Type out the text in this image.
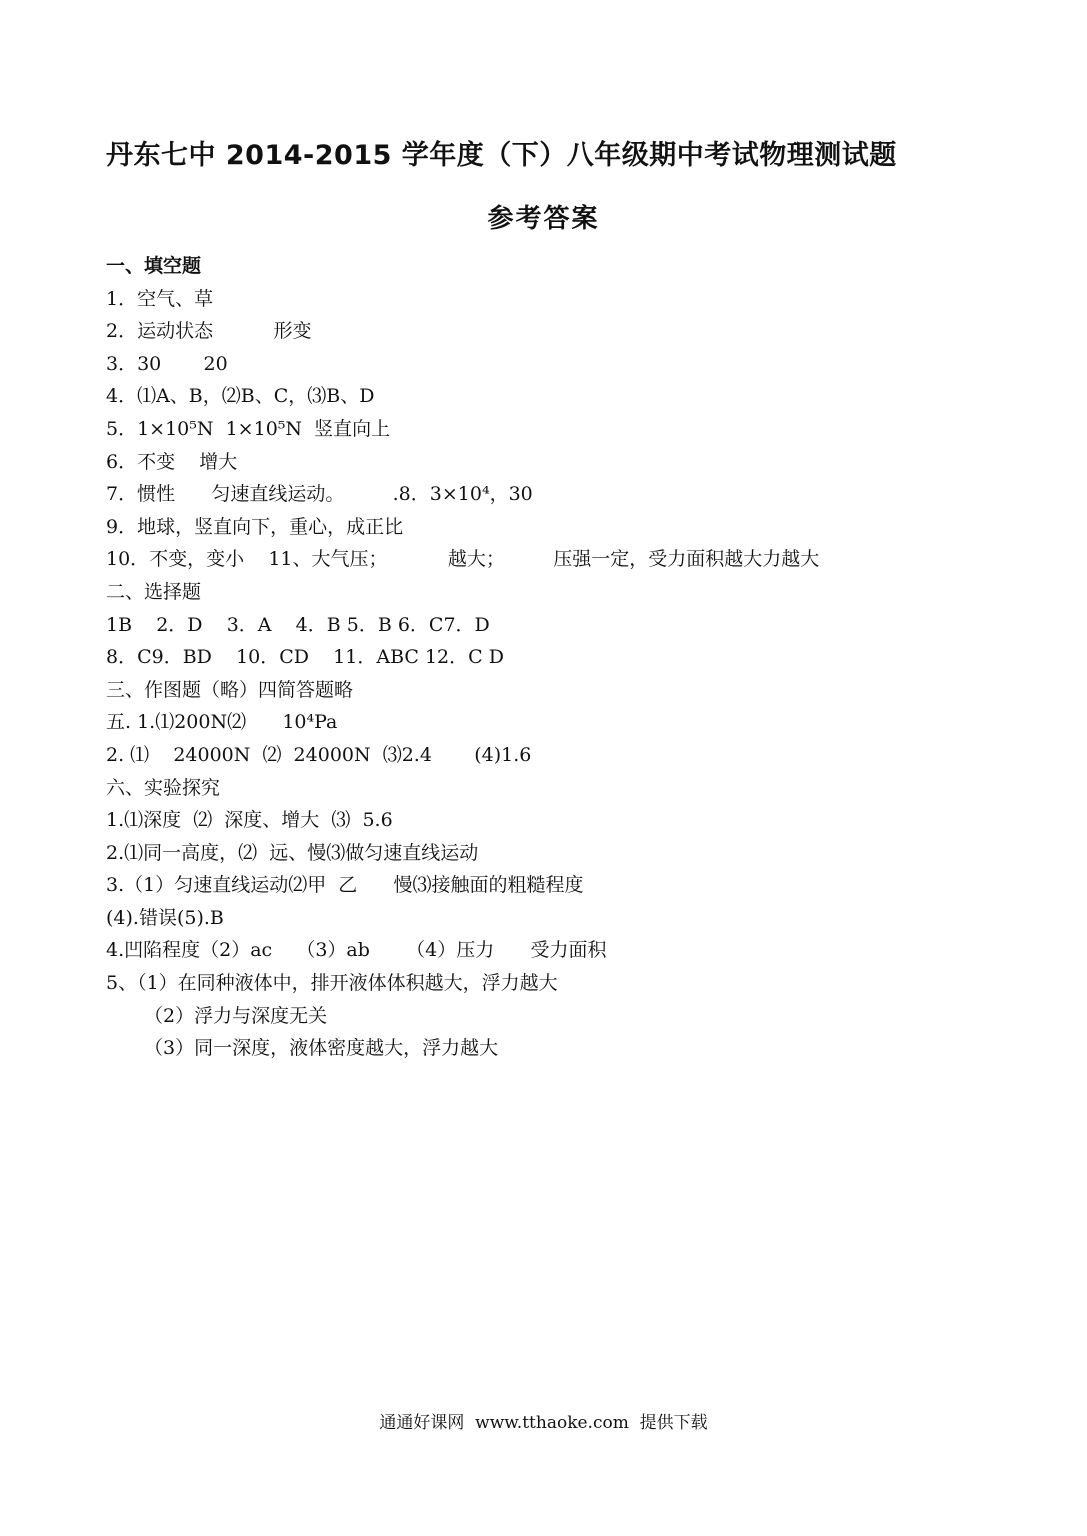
丹东七中 2014-2015 学年度（下）八年级期中考试物理测试题
参考答案
一、填空题
1．空气、草
2．运动状态          形变
3．30       20
4．⑴A、B，⑵B、C，⑶B、D
5．1×10⁵N  1×10⁵N  竖直向上
6．不变    增大
7．惯性      匀速直线运动。        .8．3×10⁴，30
9．地球，竖直向下，重心，成正比
10．不变，变小    11、大气压；          越大；        压强一定，受力面积越大力越大
二、选择题
1B    2．D    3．A    4．B 5．B 6．C7．D
8．C9．BD    10．CD    11．ABC 12．C D
三、作图题（略）四简答题略
五. 1.⑴200N⑵      10⁴Pa
2. ⑴    24000N  ⑵  24000N  ⑶2.4       (4)1.6
六、实验探究
1.⑴深度  ⑵  深度、增大  ⑶  5.6
2.⑴同一高度，⑵  远、慢⑶做匀速直线运动
3.（1）匀速直线运动⑵甲  乙      慢⑶接触面的粗糙程度
(4).错误(5).B
4.凹陷程度（2）ac    （3）ab      （4）压力      受力面积
5、（1）在同种液体中，排开液体体积越大，浮力越大
（2）浮力与深度无关
（3）同一深度，液体密度越大，浮力越大
通通好课网  www.tthaoke.com  提供下载
